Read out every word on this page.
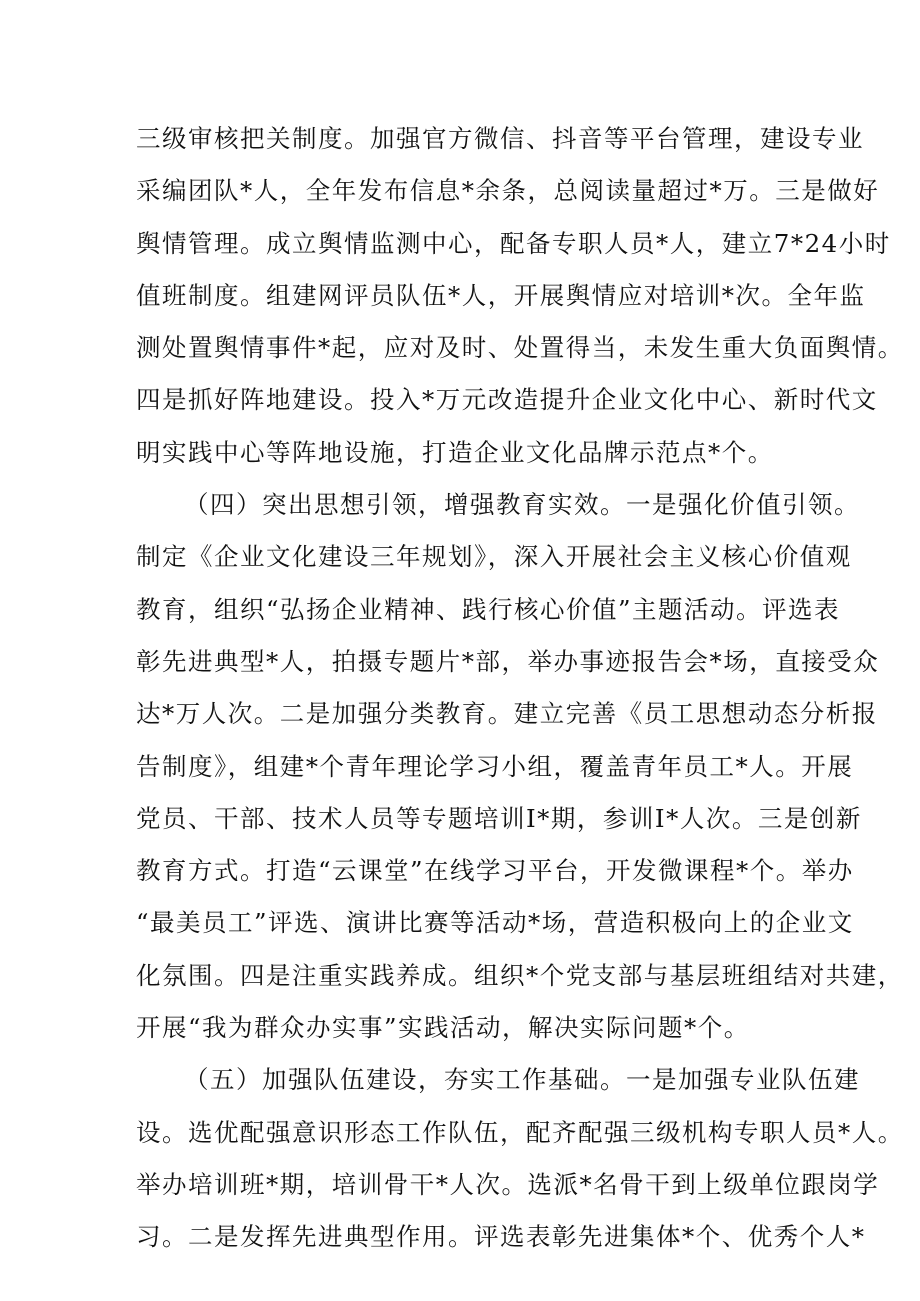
三级审核把关制度。加强官方微信、抖音等平台管理，建设专业
采编团队*人，全年发布信息*余条，总阅读量超过*万。三是做好
舆情管理。成立舆情监测中心，配备专职人员*人，建立7*24小时
值班制度。组建网评员队伍*人，开展舆情应对培训*次。全年监
测处置舆情事件*起，应对及时、处置得当，未发生重大负面舆情。
四是抓好阵地建设。投入*万元改造提升企业文化中心、新时代文
明实践中心等阵地设施，打造企业文化品牌示范点*个。
（四）突出思想引领，增强教育实效。一是强化价值引领。
制定《企业文化建设三年规划》，深入开展社会主义核心价值观
教育，组织“弘扬企业精神、践行核心价值”主题活动。评选表
彰先进典型*人，拍摄专题片*部，举办事迹报告会*场，直接受众
达*万人次。二是加强分类教育。建立完善《员工思想动态分析报
告制度》，组建*个青年理论学习小组，覆盖青年员工*人。开展
党员、干部、技术人员等专题培训I*期，参训I*人次。三是创新
教育方式。打造“云课堂”在线学习平台，开发微课程*个。举办
“最美员工”评选、演讲比赛等活动*场，营造积极向上的企业文
化氛围。四是注重实践养成。组织*个党支部与基层班组结对共建，
开展“我为群众办实事”实践活动，解决实际问题*个。
（五）加强队伍建设，夯实工作基础。一是加强专业队伍建
设。选优配强意识形态工作队伍，配齐配强三级机构专职人员*人。
举办培训班*期，培训骨干*人次。选派*名骨干到上级单位跟岗学
习。二是发挥先进典型作用。评选表彰先进集体*个、优秀个人*
